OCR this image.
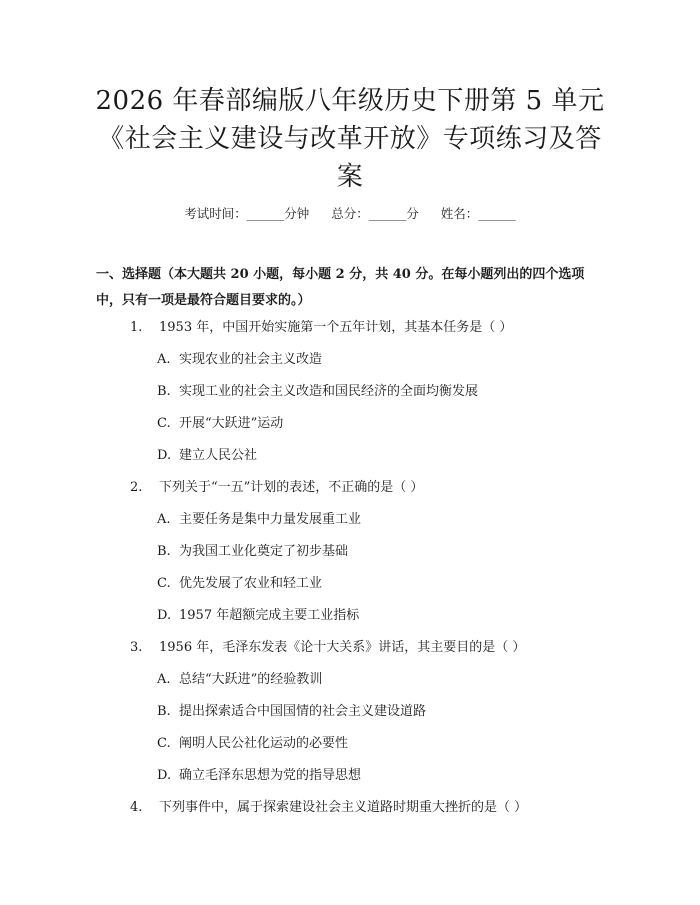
2026 年春部编版八年级历史下册第 5 单元
《社会主义建设与改革开放》专项练习及答
案
考试时间：______分钟 总分：______分 姓名：______

一、选择题（本大题共 20 小题，每小题 2 分，共 40 分。在每小题列出的四个选项中，只有一项是最符合题目要求的。）

1. 1953 年，中国开始实施第一个五年计划，其基本任务是（ ）
A. 实现农业的社会主义改造
B. 实现工业的社会主义改造和国民经济的全面均衡发展
C. 开展“大跃进”运动
D. 建立人民公社
2. 下列关于“一五”计划的表述，不正确的是（ ）
A. 主要任务是集中力量发展重工业
B. 为我国工业化奠定了初步基础
C. 优先发展了农业和轻工业
D. 1957 年超额完成主要工业指标
3. 1956 年，毛泽东发表《论十大关系》讲话，其主要目的是（ ）
A. 总结“大跃进”的经验教训
B. 提出探索适合中国国情的社会主义建设道路
C. 阐明人民公社化运动的必要性
D. 确立毛泽东思想为党的指导思想
4. 下列事件中，属于探索建设社会主义道路时期重大挫折的是（ ）
